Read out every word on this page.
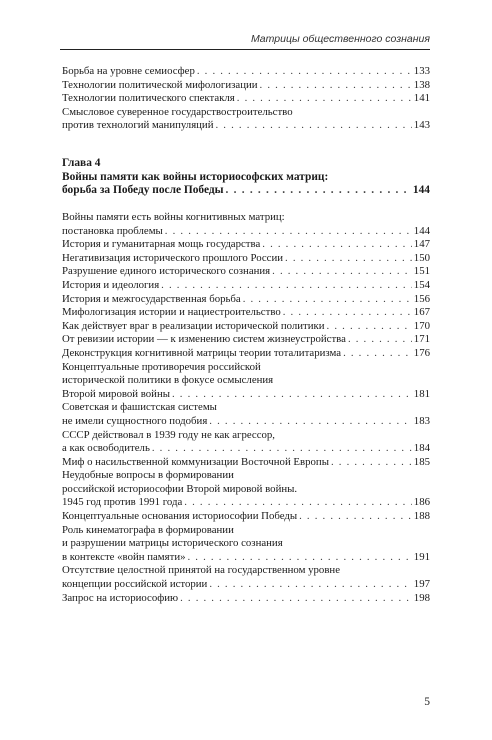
Матрицы общественного сознания
Борьба на уровне семиосфер . . .	133
Технологии политической мифологизации . . .	138
Технологии политического спектакля . . .	141
Смысловое суверенное государствостроительство
против технологий манипуляций . . .	143
Глава 4
Войны памяти как войны историософских матриц:
борьба за Победу после Победы . . .	144
Войны памяти есть войны когнитивных матриц:
постановка проблемы . . .	144
История и гуманитарная мощь государства . . .	147
Негативизация исторического прошлого России . . .	150
Разрушение единого исторического сознания . . .	151
История и идеология . . .	154
История и межгосударственная борьба . . .	156
Мифологизация истории и нациестроительство . . .	167
Как действует враг в реализации исторической политики . . .	170
От ревизии истории — к изменению систем жизнеустройства . . .	171
Деконструкция когнитивной матрицы теории тоталитаризма . . .	176
Концептуальные противоречия российской
исторической политики в фокусе осмысления
Второй мировой войны . . .	181
Советская и фашистская системы
не имели сущностного подобия . . .	183
СССР действовал в 1939 году не как агрессор,
а как освободитель . . .	184
Миф о насильственной коммунизации Восточной Европы . . .	185
Неудобные вопросы в формировании
российской историософии Второй мировой войны.
1945 год против 1991 года . . .	186
Концептуальные основания историософии Победы . . .	188
Роль кинематографа в формировании
и разрушении матрицы исторического сознания
в контексте «войн памяти» . . .	191
Отсутствие целостной принятой на государственном уровне
концепции российской истории . . .	197
Запрос на историософию . . .	198
5
